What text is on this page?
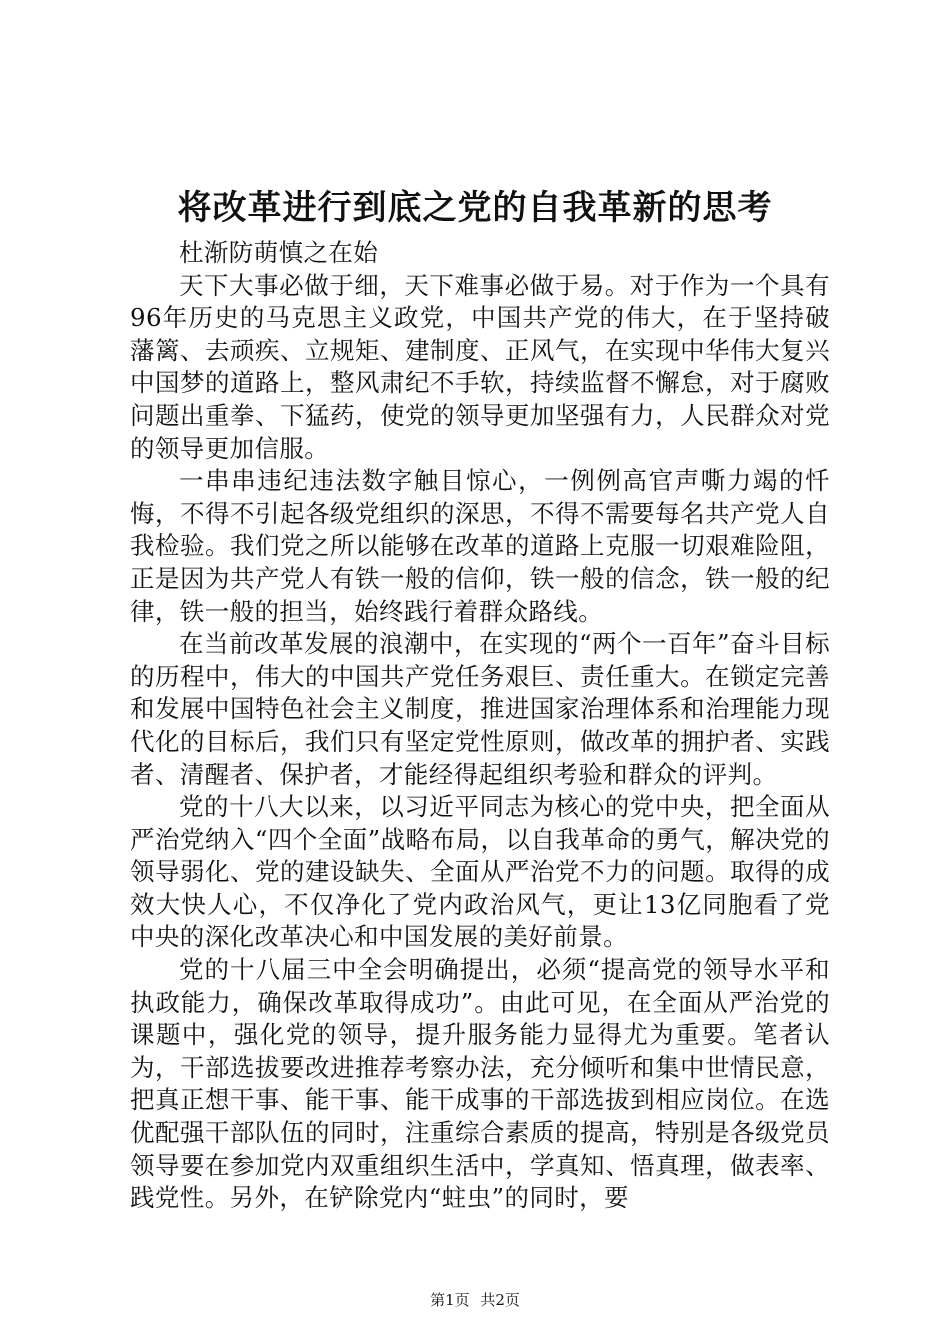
将改革进行到底之党的自我革新的思考

杜渐防萌慎之在始

天下大事必做于细，天下难事必做于易。对于作为一个具有96年历史的马克思主义政党，中国共产党的伟大，在于坚持破藩篱、去顽疾、立规矩、建制度、正风气，在实现中华伟大复兴中国梦的道路上，整风肃纪不手软，持续监督不懈怠，对于腐败问题出重拳、下猛药，使党的领导更加坚强有力，人民群众对党的领导更加信服。

一串串违纪违法数字触目惊心，一例例高官声嘶力竭的忏悔，不得不引起各级党组织的深思，不得不需要每名共产党人自我检验。我们党之所以能够在改革的道路上克服一切艰难险阻，正是因为共产党人有铁一般的信仰，铁一般的信念，铁一般的纪律，铁一般的担当，始终践行着群众路线。

在当前改革发展的浪潮中，在实现的“两个一百年”奋斗目标的历程中，伟大的中国共产党任务艰巨、责任重大。在锁定完善和发展中国特色社会主义制度，推进国家治理体系和治理能力现代化的目标后，我们只有坚定党性原则，做改革的拥护者、实践者、清醒者、保护者，才能经得起组织考验和群众的评判。

党的十八大以来，以习近平同志为核心的党中央，把全面从严治党纳入“四个全面”战略布局，以自我革命的勇气，解决党的领导弱化、党的建设缺失、全面从严治党不力的问题。取得的成效大快人心，不仅净化了党内政治风气，更让13亿同胞看了党中央的深化改革决心和中国发展的美好前景。

党的十八届三中全会明确提出，必须“提高党的领导水平和执政能力，确保改革取得成功”。由此可见，在全面从严治党的课题中，强化党的领导，提升服务能力显得尤为重要。笔者认为，干部选拔要改进推荐考察办法，充分倾听和集中世情民意，把真正想干事、能干事、能干成事的干部选拔到相应岗位。在选优配强干部队伍的同时，注重综合素质的提高，特别是各级党员领导要在参加党内双重组织生活中，学真知、悟真理，做表率、践党性。另外，在铲除党内“蛀虫”的同时，要

第1页 共2页
